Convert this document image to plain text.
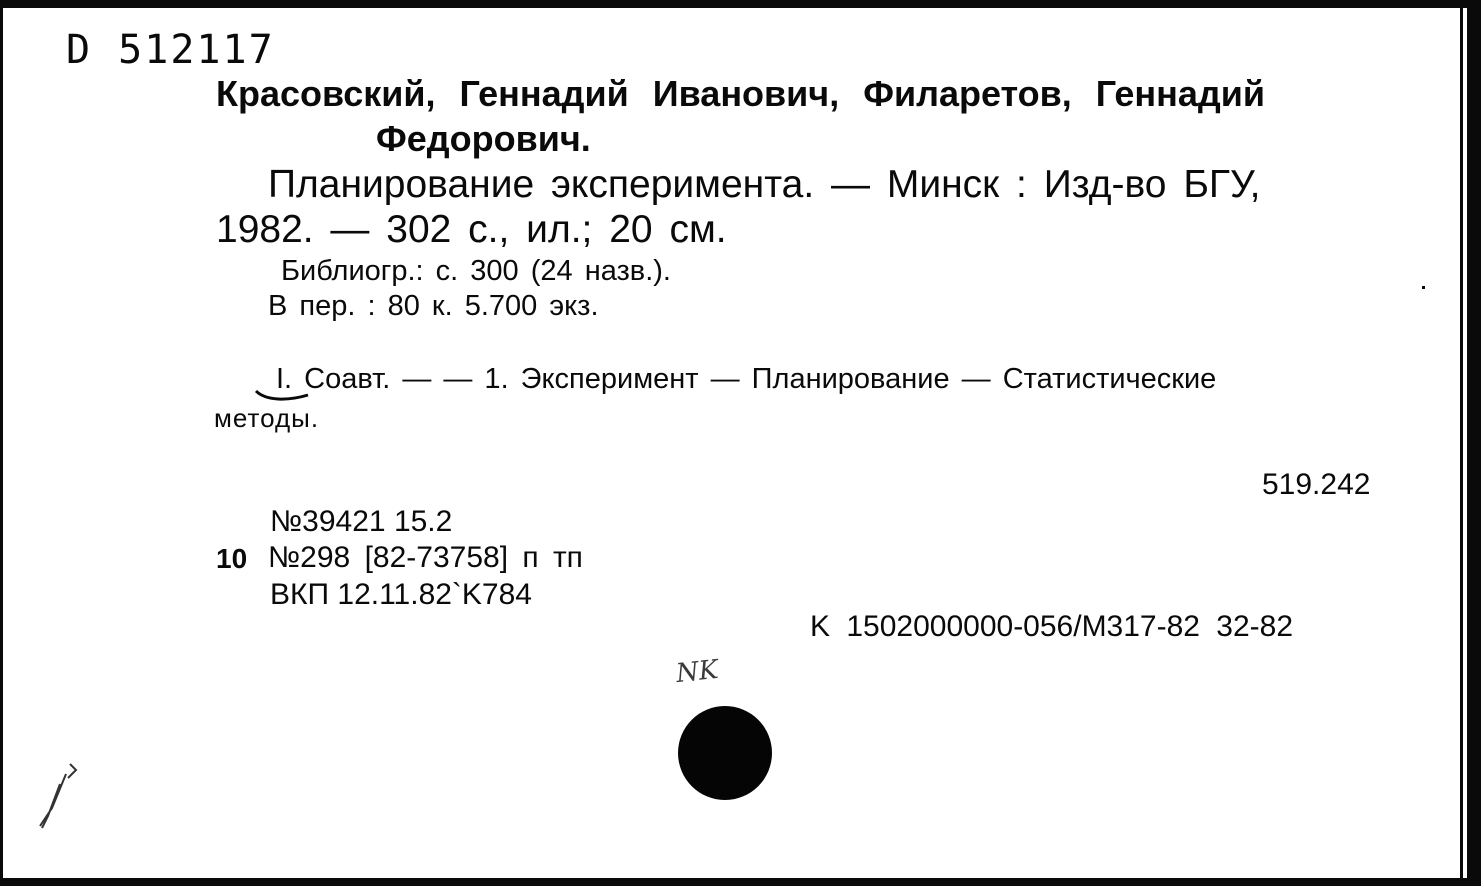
D 512117
Красовский, Геннадий Иванович, Филаретов, Геннадий
Федорович.
Планирование эксперимента. — Минск : Изд-во БГУ,
1982. — 302 с., ил.; 20 см.
Библиогр.: с. 300 (24 назв.).
В пер. : 80 к. 5.700 экз.
I. Соавт. — — 1. Эксперимент — Планирование — Статистические
методы.
519.242
№39421 15.2
10 №298 [82-73758] п тп
ВКП 12.11.82`K784
K 1502000000-056/M317-82 32-82
NK
